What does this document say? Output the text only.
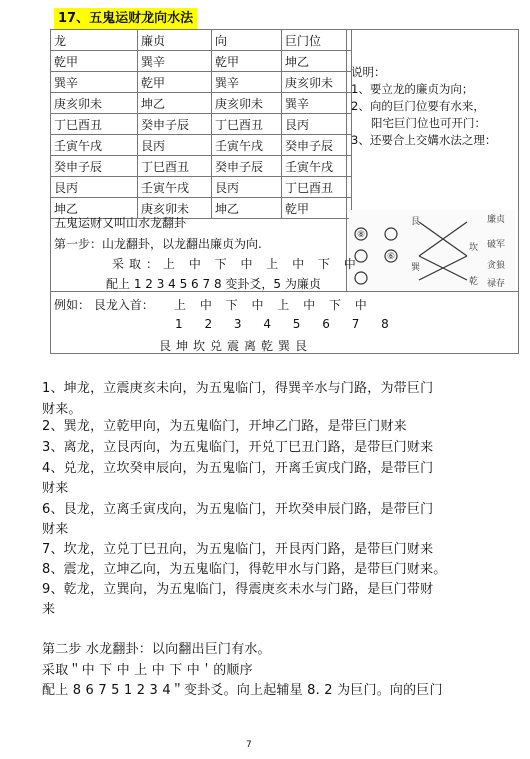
17、五鬼运财龙向水法
龙	廉贞	向	巨门位
乾甲	巽辛	乾甲	坤乙
巽辛	乾甲	巽辛	庚亥卯未
庚亥卯未	坤乙	庚亥卯未	巽辛
丁巳酉丑	癸申子辰	丁巳酉丑	艮丙
壬寅午戌	艮丙	壬寅午戌	癸申子辰
癸申子辰	丁巳酉丑	癸申子辰	壬寅午戌
艮丙	壬寅午戌	艮丙	丁巳酉丑
坤乙	庚亥卯未	坤乙	乾甲
说明：
1、要立龙的廉贞为向；
2、向的巨门位要有水来，
阳宅巨门位也可开门：
3、还要合上交媾水法之理：
⑧
⑥
艮
破军
贪狼
禄存
廉贞
坎
巽
乾
五鬼运财又叫山水龙翻卦
第一步：山龙翻卦，以龙翻出廉贞为向.
采取：上 中 下 中 上 中 下 中
配上 1 2 3 4 5 6 7 8 变卦爻，5 为廉贞
例如： 艮龙入首： 上 中 下 中 上 中 下 中
1 2 3 4 5 6 7 8
艮坤坎兑震离乾巽艮
1、坤龙，立震庚亥未向，为五鬼临门，得巽辛水与门路，为带巨门
财来。
2、巽龙，立乾甲向，为五鬼临门，开坤乙门路，是带巨门财来
3、离龙，立艮丙向，为五鬼临门，开兑丁巳丑门路，是带巨门财来
4、兑龙，立坎癸申辰向，为五鬼临门，开离壬寅戌门路，是带巨门
财来
6、艮龙，立离壬寅戌向，为五鬼临门，开坎癸申辰门路，是带巨门
财来
7、坎龙，立兑丁巳丑向，为五鬼临门，开艮丙门路，是带巨门财来
8、震龙，立坤乙向，为五鬼临门，得乾甲水与门路，是带巨门财来。
9、乾龙，立巽向，为五鬼临门，得震庚亥未水与门路，是巨门带财
来
第二步 水龙翻卦：以向翻出巨门有水。
采取＂中 下 中 上 中 下 中＇的顺序
配上 8 6 7 5 1 2 3 4＂变卦爻。向上起辅星 8. 2 为巨门。向的巨门
7
